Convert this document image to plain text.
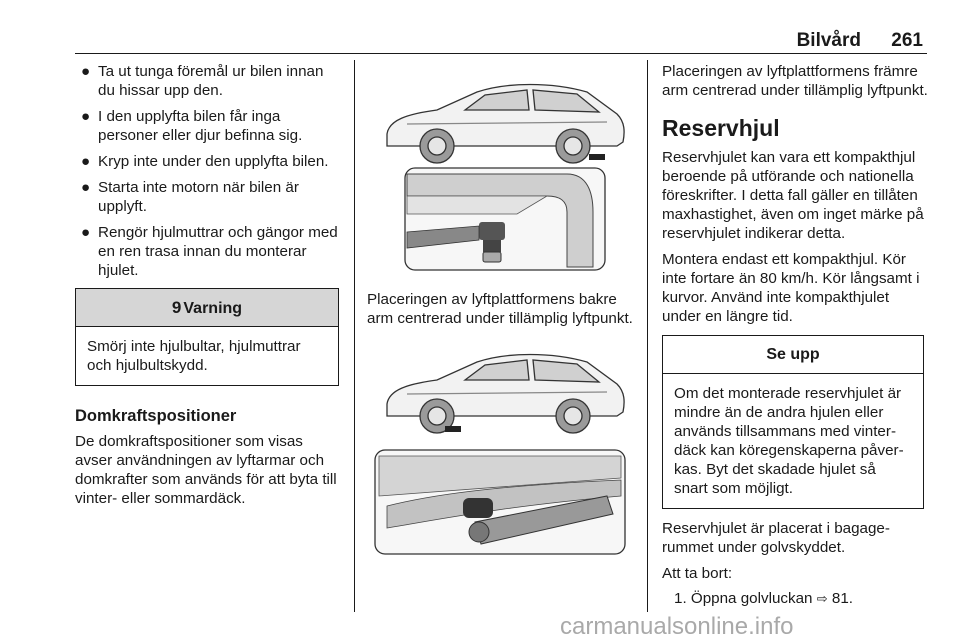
Bilvård 261
● Ta ut tunga föremål ur bilen innan du hissar upp den.
● I den upplyfta bilen får inga personer eller djur befinna sig.
● Kryp inte under den upplyfta bilen.
● Starta inte motorn när bilen är upplyft.
● Rengör hjulmuttrar och gängor med en ren trasa innan du monterar hjulet.
9 Varning
Smörj inte hjulbultar, hjulmuttrar och hjulbultskydd.
Domkraftspositioner

De domkraftspositioner som visas avser användningen av lyftarmar och domkrafter som används för att byta till vinter- eller sommardäck.

Placeringen av lyftplattformens bakre arm centrerad under tillämplig lyftpunkt.

Placeringen av lyftplattformens främre arm centrerad under tillämplig lyftpunkt.

Reservhjul

Reservhjulet kan vara ett kompakthjul beroende på utförande och nationella föreskrifter. I detta fall gäller en tillåten maxhastighet, även om inget märke på reservhjulet indikerar detta.

Montera endast ett kompakthjul. Kör inte fortare än 80 km/h. Kör långsamt i kurvor. Använd inte kompakthjulet under en längre tid.

Se upp
Om det monterade reservhjulet är mindre än de andra hjulen eller används tillsammans med vinterdäck kan köregenskaperna påverkas. Byt det skadade hjulet så snart som möjligt.

Reservhjulet är placerat i bagagerummet under golvskyddet.

Att ta bort:

1. Öppna golvluckan ⇨ 81.

carmanualsonline.info
